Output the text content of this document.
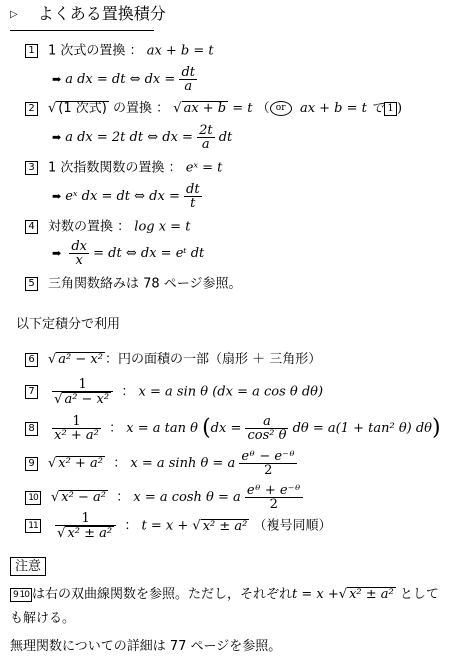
▷ よくある置換積分
1 1 次式の置換 ： ax + b = t
➡ a dx = dt ⇔ dx = $\frac{dt}{a}$
2 √ (1 次式) の置換 ： √ ax + b = t （ or ax + b = t で 1 )
➡ a dx = 2t dt ⇔ dx = $\frac{2t}{a}$ dt
3 1 次指数関数の置換 ： eˣ = t
➡ eˣ dx = dt ⇔ dx = $\frac{dt}{t}$
4 対数の置換 ： log x = t
➡ $\frac{dx}{x}$ = dt ⇔ dx = eᵗ dt
5 三角関数絡みは 78 ページ参照。
以下定積分で利用
6 √ a² − x² ：円の面積の一部（扇形 ＋ 三角形）
$7 \frac{1}{\text{√ a² − x²}}$ ： x = a sin θ (dx = a cos θ dθ)
$8 \frac{1}{\text{x² + a²}}$ ： x = a tan θ ($dx = \frac{a}{\text{cos² θ}}$ dθ = a(1 + tan² θ) dθ)
9 √ x² + a² ： x = a sinh θ = a $\frac{\text{eᶿ − e⁻ᶿ}}{2}$
10 √ x² − a² ： x = a cosh θ = a $\frac{\text{eᶿ + e⁻ᶿ}}{2}$
$11 \frac{1}{\text{√ x² ± a²}}$ ： t = x + √ x² ± a² （複号同順）
注意
9 10 は右の双曲線関数を参照。ただし，それぞれt = x +√ x² ± a² として
も解ける。
無理関数についての詳細は 77 ページを参照。
